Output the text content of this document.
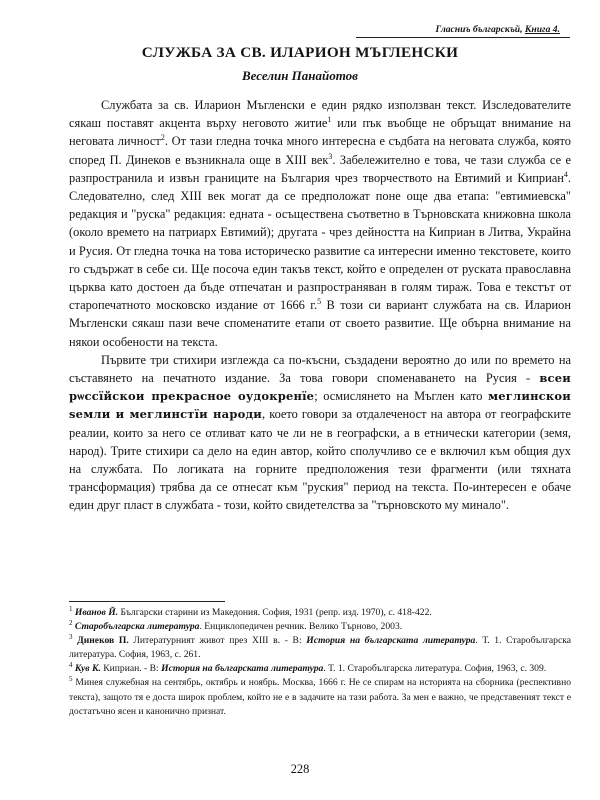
Гласниъ българскъй, Книга 4.
СЛУЖБА ЗА СВ. ИЛАРИОН МЪГЛЕНСКИ
Веселин Панайотов

Службата за св. Иларион Мъгленски е един рядко използван текст. Изследователите сякаш поставят акцента върху неговото житие$^1$ или пък въобще не обръщат внимание на неговата личност$^2$. От тази гледна точка много интересна е съдбата на неговата служба, която според П. Динеков е възникнала още в XIII век$^3$. Забележително е това, че тази служба се е разпространила и извън границите на България чрез творчеството на Евтимий и Киприан$^4$. Следователно, след XIII век могат да се предположат поне още два етапа: "евтимиевска" редакция и "руска" редакция: едната - осъществена съответно в Търновската книжовна школа (около времето на патриарх Евтимий); другата - чрез дейността на Киприан в Литва, Украйна и Русия. От гледна точка на това историческо развитие са интересни именно текстовете, които го съдържат в себе си. Ще посоча един такъв текст, който е определен от руската православна църква като достоен да бъде отпечатан и разпространяван в голям тираж. Това е текстът от старопечатното московско издание от 1666 г.$^5$ В този си вариант службата на св. Иларион Мъгленски сякаш пази вече споменатите етапи от своето развитие. Ще обърна внимание на някои особености на текста.

Първите три стихири изглежда са по-късни, създадени вероятно до или по времето на съставянето на печатното издание. За това говори споменаването на Русия - всеи рѡссїйскои прекрасное оудокренїе; осмислянето на Мъглен като меглинскои ѕемли и меглинстїи народи, което говори за отдалеченост на автора от географските реалии, които за него се отливат като че ли не в географски, а в етнически категории (земя, народ). Трите стихири са дело на един автор, който сполучливо се е включил към общия дух на службата. По логиката на горните предположения тези фрагменти (или тяхната трансформация) трябва да се отнесат към "руския" период на текста. По-интересен е обаче един друг пласт в службата - този, който свидетелства за "търновското му минало".

$^1$ Иванов Й. Български старини из Македония. София, 1931 (репр. изд. 1970), с. 418-422.

$^2$ Старобългарска литература. Енциклопедичен речник. Велико Търново, 2003.

$^3$ Динеков П. Литературният живот през XIII в. - В: История на българската литература. Т. 1. Старобългарска литература. София, 1963, с. 261.

$^4$ Кув К. Киприан. - В: История на българската литература. Т. 1. Старобългарска литература. София, 1963, с. 309.

$^5$ Минея служебная на сентябрь, октябрь и ноябрь. Москва, 1666 г. Не се спирам на историята на сборника (респективно текста), защото тя е доста широк проблем, който не е в задачите на тази работа. За мен е важно, че представеният текст е достатъчно ясен и канонично признат.

228
